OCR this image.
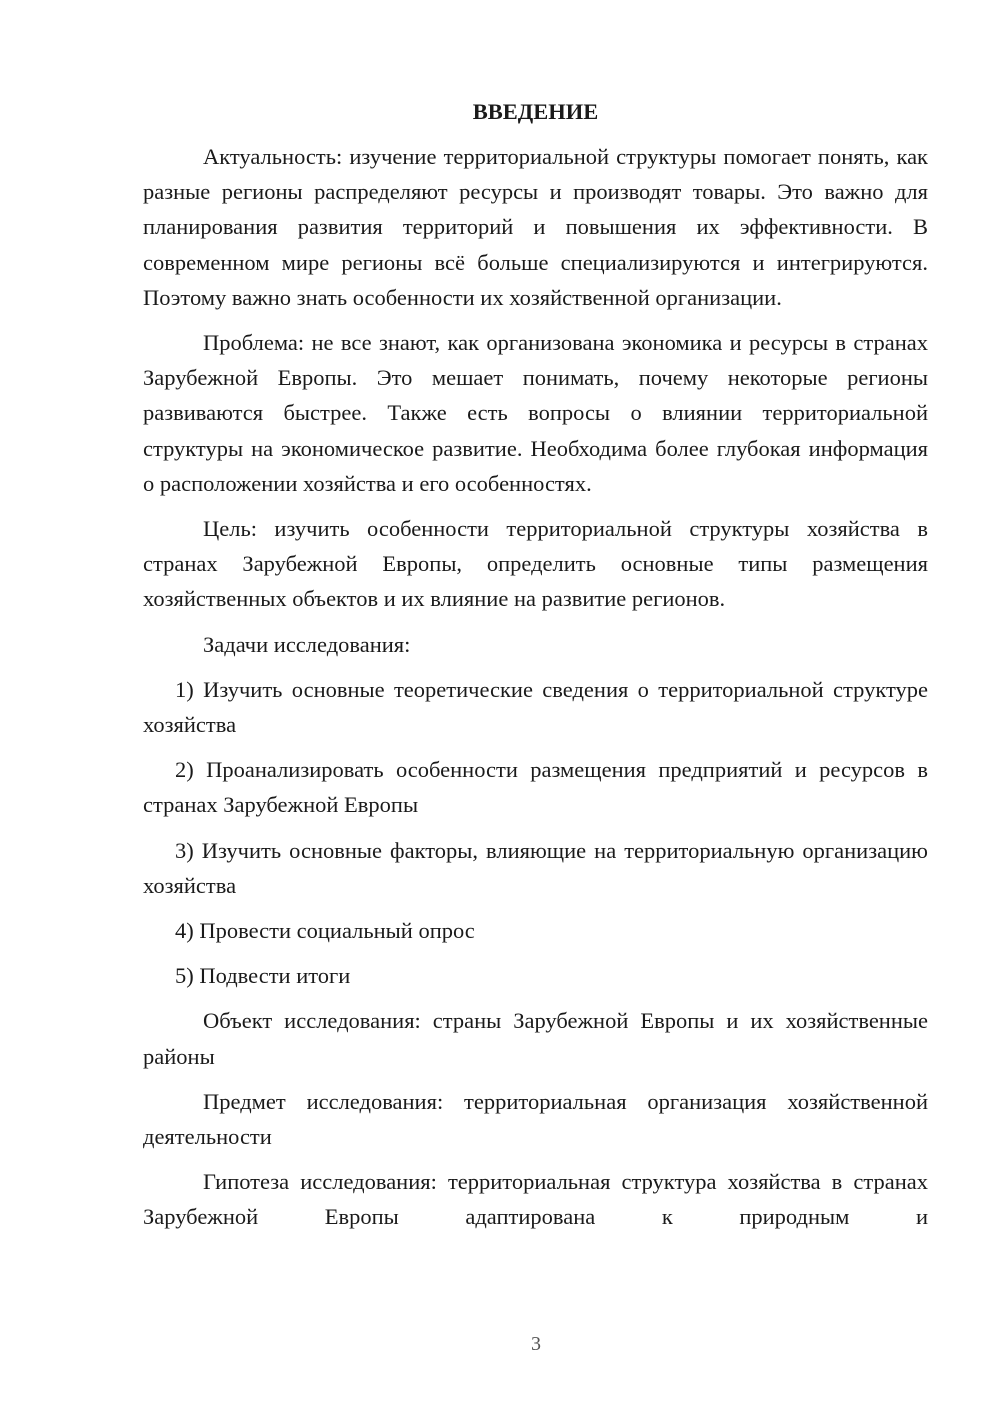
ВВЕДЕНИЕ

Актуальность: изучение территориальной структуры помогает понять, как разные регионы распределяют ресурсы и производят товары. Это важно для планирования развития территорий и повышения их эффективности. В современном мире регионы всё больше специализируются и интегрируются. Поэтому важно знать особенности их хозяйственной организации.

Проблема: не все знают, как организована экономика и ресурсы в странах Зарубежной Европы. Это мешает понимать, почему некоторые регионы развиваются быстрее. Также есть вопросы о влиянии территориальной структуры на экономическое развитие. Необходима более глубокая информация о расположении хозяйства и его особенностях.

Цель: изучить особенности территориальной структуры хозяйства в странах Зарубежной Европы, определить основные типы размещения хозяйственных объектов и их влияние на развитие регионов.

Задачи исследования:

1) Изучить основные теоретические сведения о территориальной структуре хозяйства

2) Проанализировать особенности размещения предприятий и ресурсов в странах Зарубежной Европы

3) Изучить основные факторы, влияющие на территориальную организацию хозяйства

4) Провести социальный опрос

5) Подвести итоги

Объект исследования: страны Зарубежной Европы и их хозяйственные районы

Предмет исследования: территориальная организация хозяйственной деятельности

Гипотеза исследования: территориальная структура хозяйства в странах Зарубежной Европы адаптирована к природным и

3
